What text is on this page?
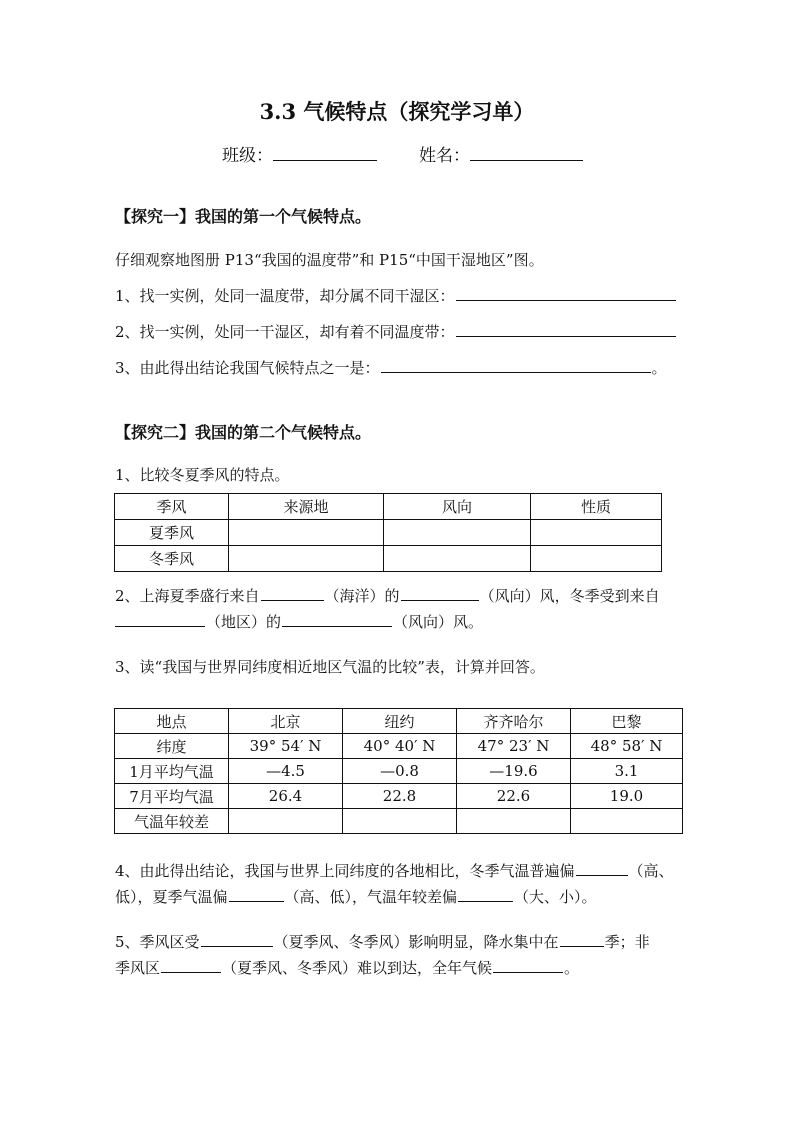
3.3 气候特点（探究学习单）
班级：	姓名：
【探究一】我国的第一个气候特点。
仔细观察地图册 P13“我国的温度带”和 P15“中国干湿地区”图。
1、找一实例，处同一温度带，却分属不同干湿区：
2、找一实例，处同一干湿区，却有着不同温度带：
3、由此得出结论我国气候特点之一是：	。
【探究二】我国的第二个气候特点。
1、比较冬夏季风的特点。
季风	来源地	风向	性质
夏季风			
冬季风			
2、上海夏季盛行来自	（海洋）的	（风向）风，冬季受到来自
（地区）的	（风向）风。
3、读“我国与世界同纬度相近地区气温的比较”表，计算并回答。
地点	北京	纽约	齐齐哈尔	巴黎
纬度	39° 54′ N	40° 40′ N	47° 23′ N	48° 58′ N
1月平均气温	—4.5	—0.8	—19.6	3.1
7月平均气温	26.4	22.8	22.6	19.0
气温年较差				
4、由此得出结论，我国与世界上同纬度的各地相比，冬季气温普遍偏	（高、
低），夏季气温偏	（高、低），气温年较差偏	（大、小）。
5、季风区受	（夏季风、冬季风）影响明显，降水集中在	季；非
季风区	（夏季风、冬季风）难以到达，全年气候	。
